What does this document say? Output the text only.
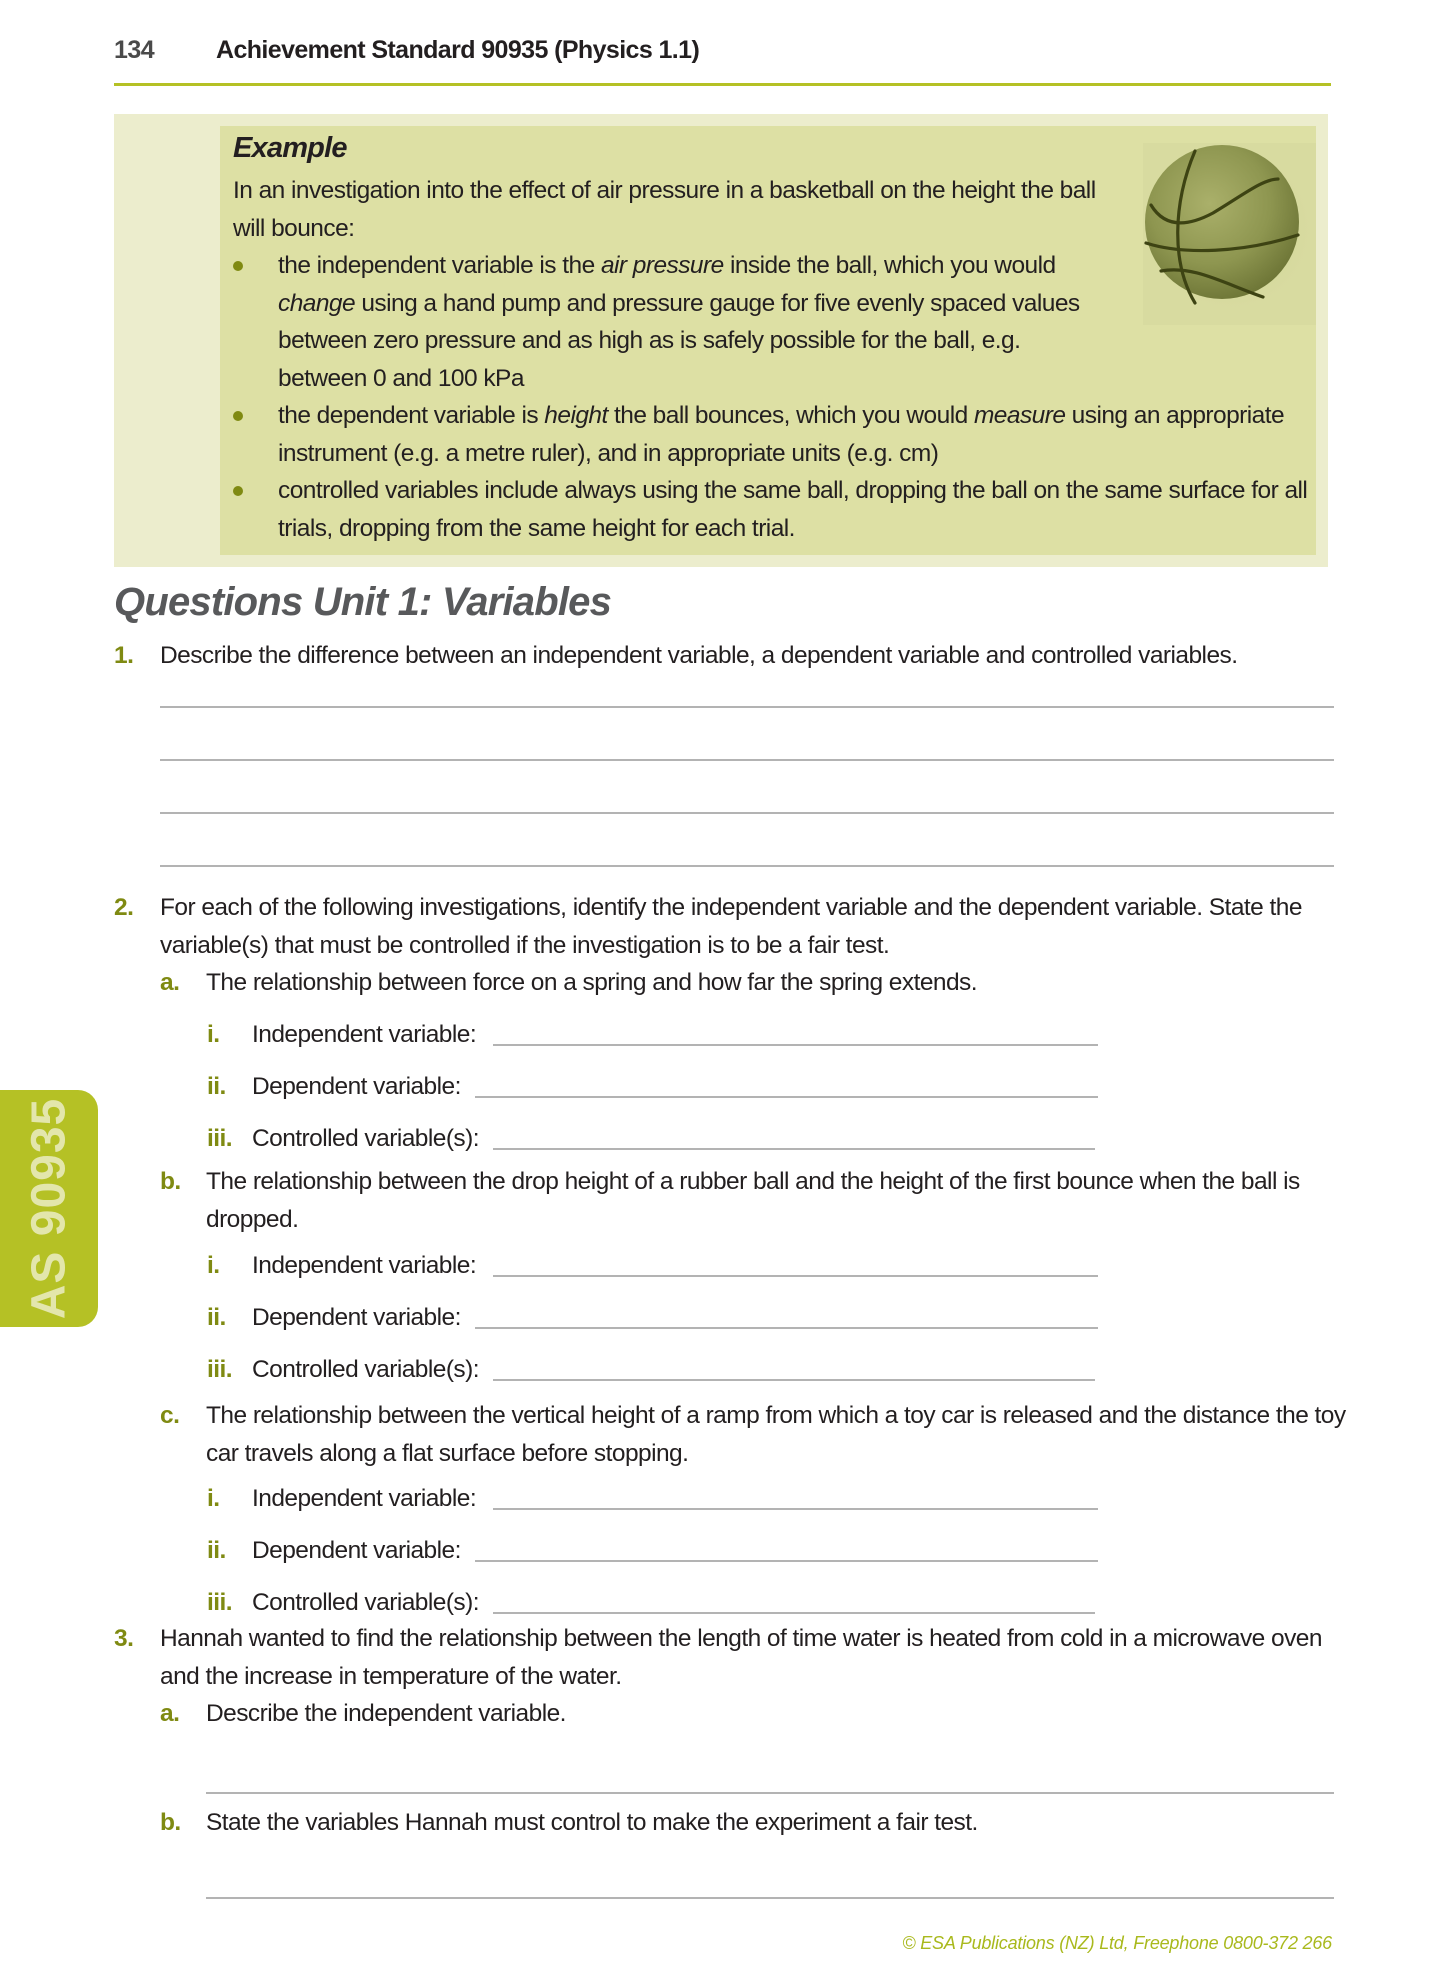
134 Achievement Standard 90935 (Physics 1.1)
Example
In an investigation into the effect of air pressure in a basketball on the height the ball will bounce:
the independent variable is the air pressure inside the ball, which you would change using a hand pump and pressure gauge for five evenly spaced values between zero pressure and as high as is safely possible for the ball, e.g. between 0 and 100 kPa
the dependent variable is height the ball bounces, which you would measure using an appropriate instrument (e.g. a metre ruler), and in appropriate units (e.g. cm)
controlled variables include always using the same ball, dropping the ball on the same surface for all trials, dropping from the same height for each trial.
Questions Unit 1: Variables
1. Describe the difference between an independent variable, a dependent variable and controlled variables.
2. For each of the following investigations, identify the independent variable and the dependent variable. State the variable(s) that must be controlled if the investigation is to be a fair test.
a. The relationship between force on a spring and how far the spring extends.
i. Independent variable:
ii. Dependent variable:
iii. Controlled variable(s):
b. The relationship between the drop height of a rubber ball and the height of the first bounce when the ball is dropped.
i. Independent variable:
ii. Dependent variable:
iii. Controlled variable(s):
c. The relationship between the vertical height of a ramp from which a toy car is released and the distance the toy car travels along a flat surface before stopping.
i. Independent variable:
ii. Dependent variable:
iii. Controlled variable(s):
3. Hannah wanted to find the relationship between the length of time water is heated from cold in a microwave oven and the increase in temperature of the water.
a. Describe the independent variable.
b. State the variables Hannah must control to make the experiment a fair test.
AS 90935
© ESA Publications (NZ) Ltd, Freephone 0800-372 266
